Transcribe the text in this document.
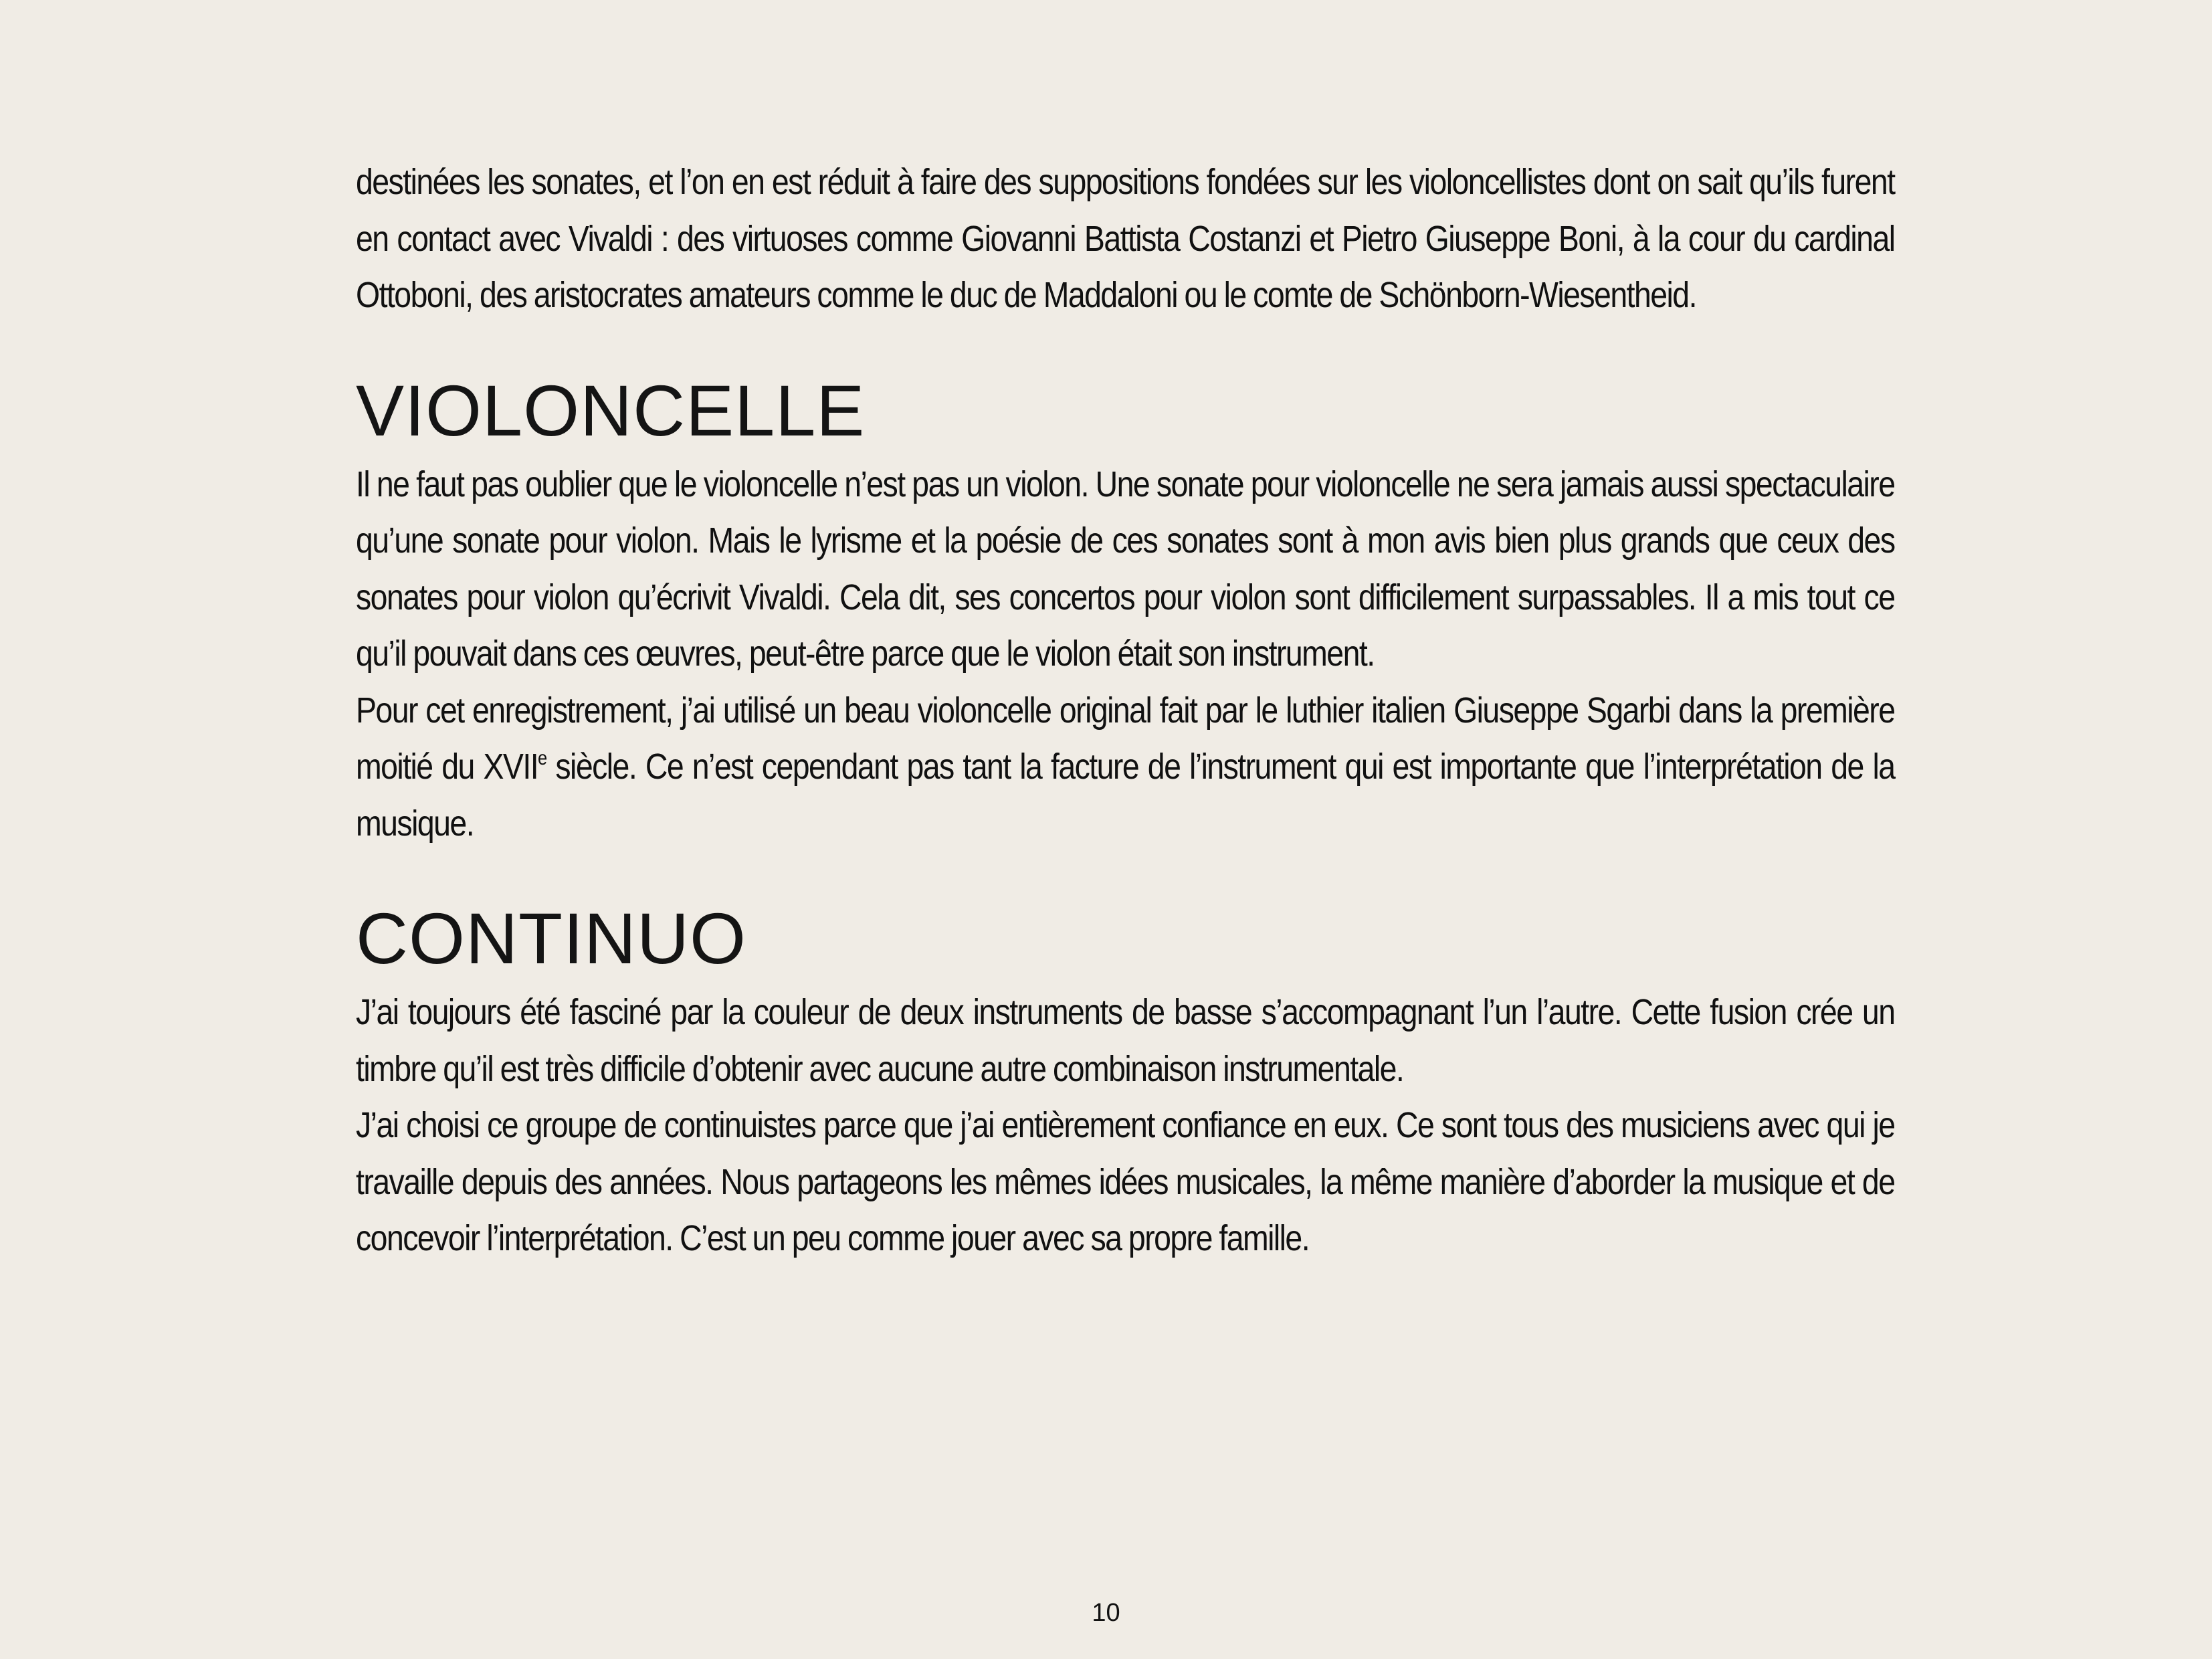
destinées les sonates, et l’on en est réduit à faire des suppositions fondées sur les violoncellistes dont on sait qu’ils furent en contact avec Vivaldi : des virtuoses comme Giovanni Battista Costanzi et Pietro Giuseppe Boni, à la cour du cardinal Ottoboni, des aristocrates amateurs comme le duc de Maddaloni ou le comte de Schönborn-Wiesentheid.

VIOLONCELLE

Il ne faut pas oublier que le violoncelle n’est pas un violon. Une sonate pour violoncelle ne sera jamais aussi spectaculaire qu’une sonate pour violon. Mais le lyrisme et la poésie de ces sonates sont à mon avis bien plus grands que ceux des sonates pour violon qu’écrivit Vivaldi. Cela dit, ses concertos pour violon sont difficilement surpassables. Il a mis tout ce qu’il pouvait dans ces œuvres, peut-être parce que le violon était son instrument.

Pour cet enregistrement, j’ai utilisé un beau violoncelle original fait par le luthier italien Giuseppe Sgarbi dans la première moitié du XVIIe siècle. Ce n’est cependant pas tant la facture de l’instrument qui est importante que l’interprétation de la musique.

CONTINUO

J’ai toujours été fasciné par la couleur de deux instruments de basse s’accompagnant l’un l’autre. Cette fusion crée un timbre qu’il est très difficile d’obtenir avec aucune autre combinaison instrumentale.

J’ai choisi ce groupe de continuistes parce que j’ai entièrement confiance en eux. Ce sont tous des musiciens avec qui je travaille depuis des années. Nous partageons les mêmes idées musicales, la même manière d’aborder la musique et de concevoir l’interprétation. C’est un peu comme jouer avec sa propre famille.

10
